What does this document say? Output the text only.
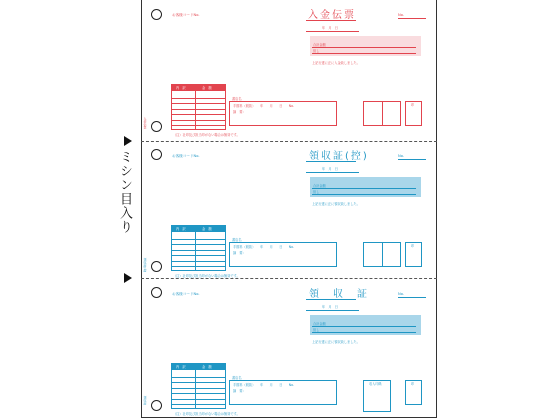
ミシン目入り
お客様コードNo.	入金伝票	No.
年　月　日
合計金額
但し
上記行達に正に入金致しました。
内　訳	金　額
書店名
手数料（税抜）　　年　　月　　日　　No.
摘　要：
印
（注）社印及び担当印がない場合は無効です。
入金伝票
お客様コードNo.	領収証(控)	No.
年　月　日
合計金額
但し
上記行達に正に領収致しました。
内　訳	金　額
書店名
手数料（税抜）　　年　　月　　日　　No.
摘　要：
印
（注）社印及び担当印がない場合は無効です。
領収証(控)
お客様コードNo.	領　収　証	No.
年　月　日
合計金額
但し
上記行達に正に領収致しました。
内　訳	金　額
書店名
手数料（税抜）　　年　　月　　日　　No.
摘　要：
収入印紙	印
（注）社印及び担当印がない場合は無効です。
領収証
